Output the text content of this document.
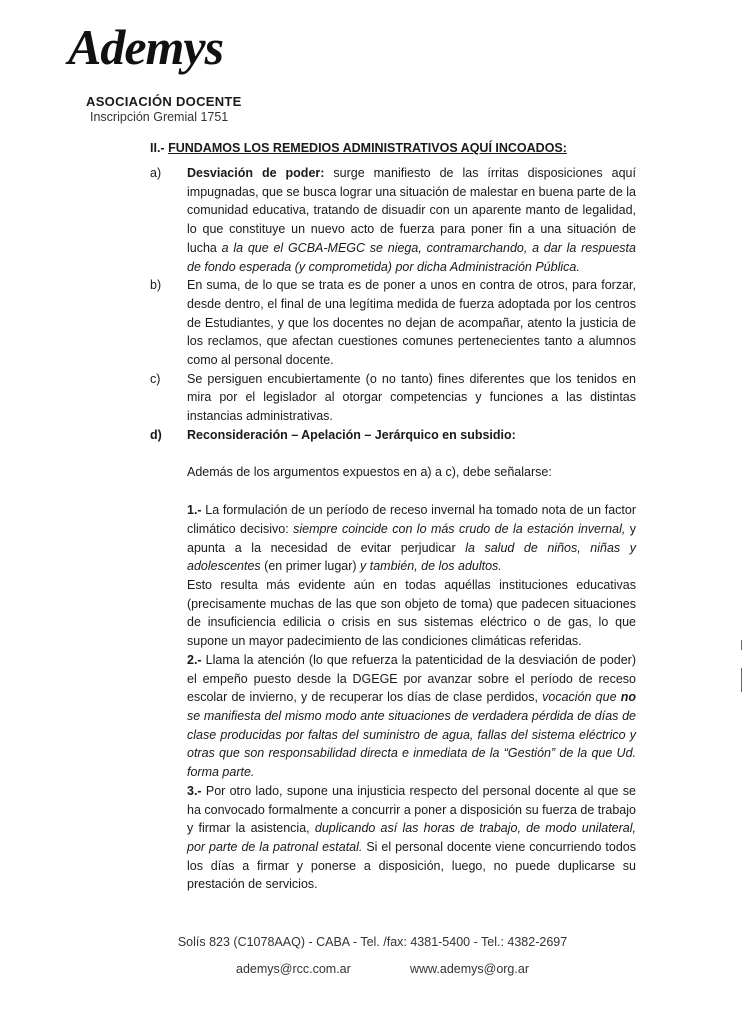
Ademys
ASOCIACIÓN DOCENTE
Inscripción Gremial 1751
II.- FUNDAMOS LOS REMEDIOS ADMINISTRATIVOS AQUÍ INCOADOS:
a) Desviación de poder: surge manifiesto de las írritas disposiciones aquí impugnadas, que se busca lograr una situación de malestar en buena parte de la comunidad educativa, tratando de disuadir con un aparente manto de legalidad, lo que constituye un nuevo acto de fuerza para poner fin a una situación de lucha a la que el GCBA-MEGC se niega, contramarchando, a dar la respuesta de fondo esperada (y comprometida) por dicha Administración Pública.
b) En suma, de lo que se trata es de poner a unos en contra de otros, para forzar, desde dentro, el final de una legítima medida de fuerza adoptada por los centros de Estudiantes, y que los docentes no dejan de acompañar, atento la justicia de los reclamos, que afectan cuestiones comunes pertenecientes tanto a alumnos como al personal docente.
c) Se persiguen encubiertamente (o no tanto) fines diferentes que los tenidos en mira por el legislador al otorgar competencias y funciones a las distintas instancias administrativas.
d) Reconsideración – Apelación – Jerárquico en subsidio:
Además de los argumentos expuestos en a) a c), debe señalarse:
1.- La formulación de un período de receso invernal ha tomado nota de un factor climático decisivo: siempre coincide con lo más crudo de la estación invernal, y apunta a la necesidad de evitar perjudicar la salud de niños, niñas y adolescentes (en primer lugar) y también, de los adultos.
Esto resulta más evidente aún en todas aquéllas instituciones educativas (precisamente muchas de las que son objeto de toma) que padecen situaciones de insuficiencia edilicia o crisis en sus sistemas eléctrico o de gas, lo que supone un mayor padecimiento de las condiciones climáticas referidas.
2.- Llama la atención (lo que refuerza la patenticidad de la desviación de poder) el empeño puesto desde la DGEGE por avanzar sobre el período de receso escolar de invierno, y de recuperar los días de clase perdidos, vocación que no se manifiesta del mismo modo ante situaciones de verdadera pérdida de días de clase producidas por faltas del suministro de agua, fallas del sistema eléctrico y otras que son responsabilidad directa e inmediata de la “Gestión” de la que Ud. forma parte.
3.- Por otro lado, supone una injusticia respecto del personal docente al que se ha convocado formalmente a concurrir a poner a disposición su fuerza de trabajo y firmar la asistencia, duplicando así las horas de trabajo, de modo unilateral, por parte de la patronal estatal. Si el personal docente viene concurriendo todos los días a firmar y ponerse a disposición, luego, no puede duplicarse su prestación de servicios.
Solís 823 (C1078AAQ) - CABA - Tel. /fax: 4381-5400 - Tel.: 4382-2697
ademys@rcc.com.ar	www.ademys@org.ar
